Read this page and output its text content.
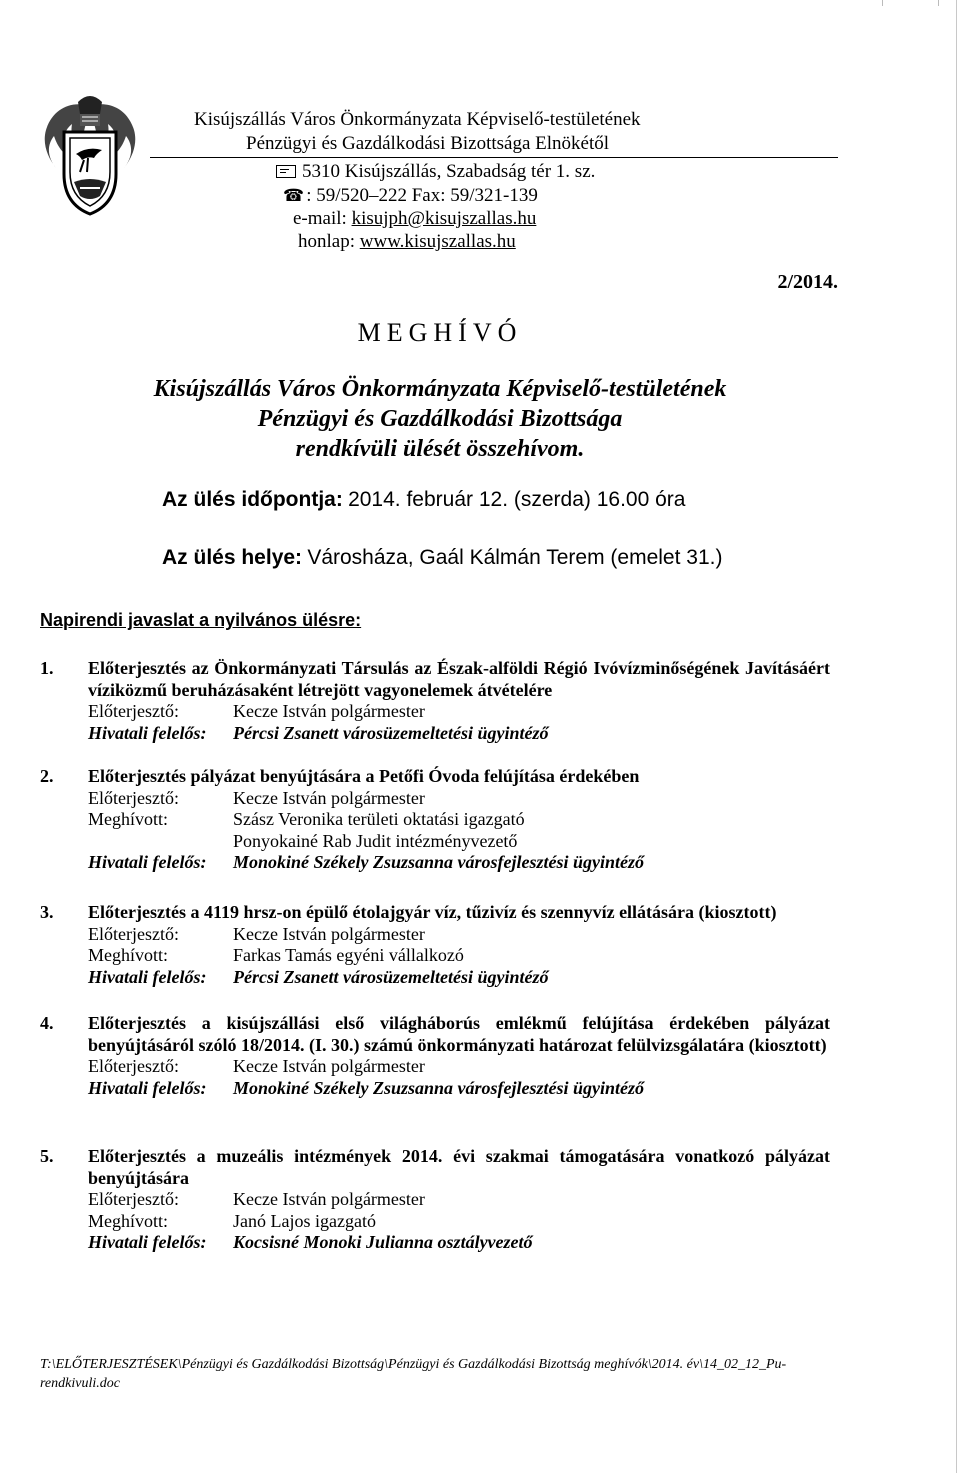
Kisújszállás Város Önkormányzata Képviselő-testületének
Pénzügyi és Gazdálkodási Bizottsága Elnökétől
5310 Kisújszállás, Szabadság tér 1. sz.
☎ : 59/520–222 Fax: 59/321-139
e-mail: kisujph@kisujszallas.hu
honlap: www.kisujszallas.hu
2/2014.
MEGHÍVÓ
Kisújszállás Város Önkormányzata Képviselő-testületének
Pénzügyi és Gazdálkodási Bizottsága
rendkívüli ülését összehívom.
Az ülés időpontja: 2014. február 12. (szerda) 16.00 óra
Az ülés helye: Városháza, Gaál Kálmán Terem (emelet 31.)
Napirendi javaslat a nyilvános ülésre:
1. Előterjesztés az Önkormányzati Társulás az Észak-alföldi Régió Ivóvízminőségének Javításáért víziközmű beruházásaként létrejött vagyonelemek átvételére
Előterjesztő:	Kecze István polgármester
Hivatali felelős:	Pércsi Zsanett városüzemeltetési ügyintéző
2. Előterjesztés pályázat benyújtására a Petőfi Óvoda felújítása érdekében
Előterjesztő:	Kecze István polgármester
Meghívott:	Szász Veronika területi oktatási igazgató
Ponyokainé Rab Judit intézményvezető
Hivatali felelős:	Monokiné Székely Zsuzsanna városfejlesztési ügyintéző
3. Előterjesztés a 4119 hrsz-on épülő étolajgyár víz, tűzivíz és szennyvíz ellátására (kiosztott)
Előterjesztő:	Kecze István polgármester
Meghívott:	Farkas Tamás egyéni vállalkozó
Hivatali felelős:	Pércsi Zsanett városüzemeltetési ügyintéző
4. Előterjesztés a kisújszállási első világháborús emlékmű felújítása érdekében pályázat benyújtásáról szóló 18/2014. (I. 30.) számú önkormányzati határozat felülvizsgálatára (kiosztott)
Előterjesztő:	Kecze István polgármester
Hivatali felelős:	Monokiné Székely Zsuzsanna városfejlesztési ügyintéző
5. Előterjesztés a muzeális intézmények 2014. évi szakmai támogatására vonatkozó pályázat benyújtására
Előterjesztő:	Kecze István polgármester
Meghívott:	Janó Lajos igazgató
Hivatali felelős:	Kocsisné Monoki Julianna osztályvezető
T:\ELŐTERJESZTÉSEK\Pénzügyi és Gazdálkodási Bizottság\Pénzügyi és Gazdálkodási Bizottság meghívók\2014. év\14_02_12_Pu-rendkivuli.doc
